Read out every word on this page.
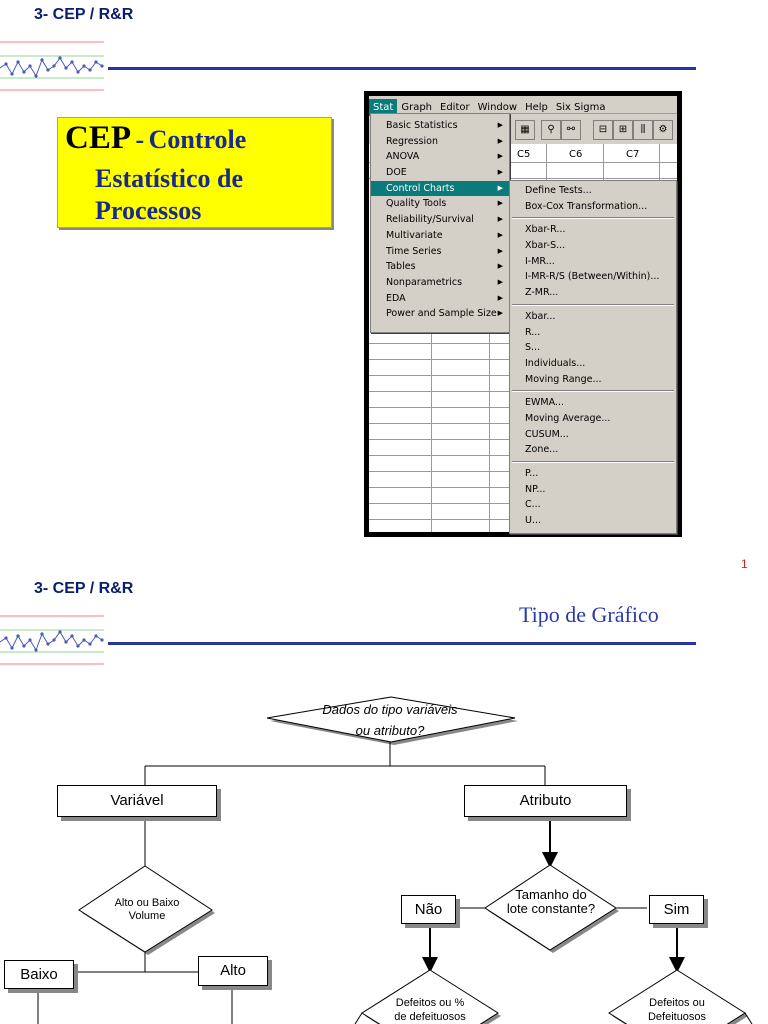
3- CEP / R&R
CEP - Controle
Estatístico de
Processos
Stat Graph Editor Window Help Six Sigma
▦	⚲	⚯	⊟	⊞	⫼	⚙
C5	C6	C7
Basic Statistics	▶
Regression	▶
ANOVA	▶
DOE	▶
Control Charts	▶
Quality Tools	▶
Reliability/Survival	▶
Multivariate	▶
Time Series	▶
Tables	▶
Nonparametrics	▶
EDA	▶
Power and Sample Size ▶
Define Tests...
Box-Cox Transformation...
Xbar-R...
Xbar-S...
I-MR...
I-MR-R/S (Between/Within)...
Z-MR...
Xbar...
R...
S...
Individuals...
Moving Range...
EWMA...
Moving Average...
CUSUM...
Zone...
P...
NP...
C...
U...
1
3- CEP / R&R
Tipo de Gráfico
Dados do tipo variáveis
ou atributo?
Variável	Atributo
Alto ou Baixo
Volume
Baixo	Alto
Tamanho do
lote constante?
Não	Sim
Defeitos ou %
de defeituosos
Defeitos ou
Defeituosos
